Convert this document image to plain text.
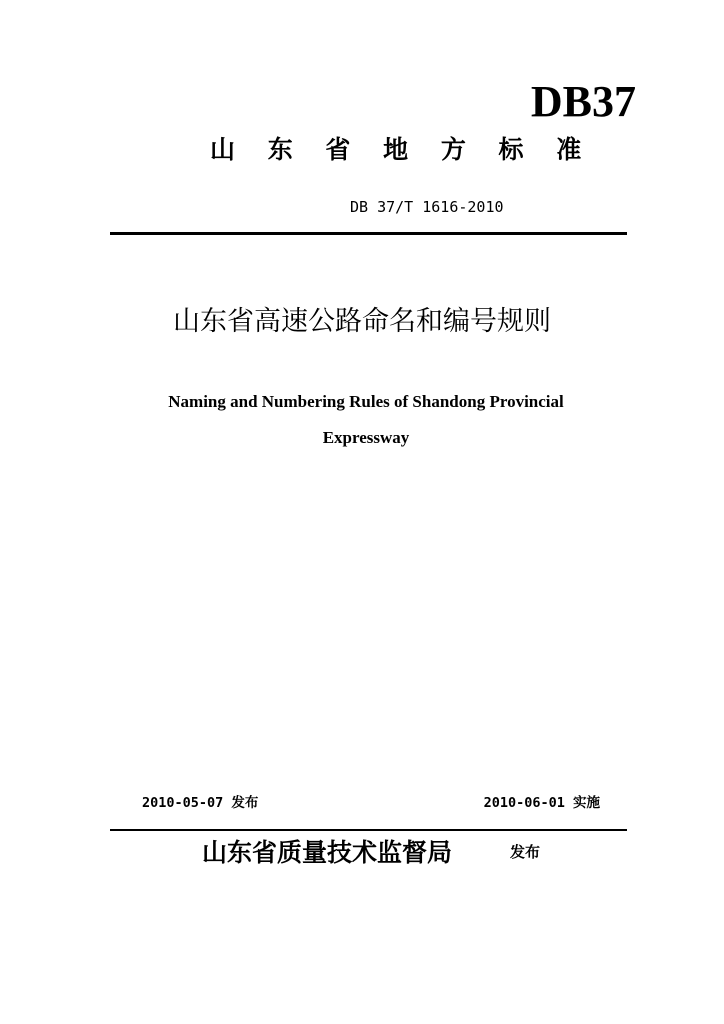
DB37
山 东 省 地 方 标 准
DB 37/T 1616-2010
山东省高速公路命名和编号规则
Naming and Numbering Rules of Shandong Provincial
Expressway
2010-05-07 发布	2010-06-01 实施
山东省质量技术监督局	发布
